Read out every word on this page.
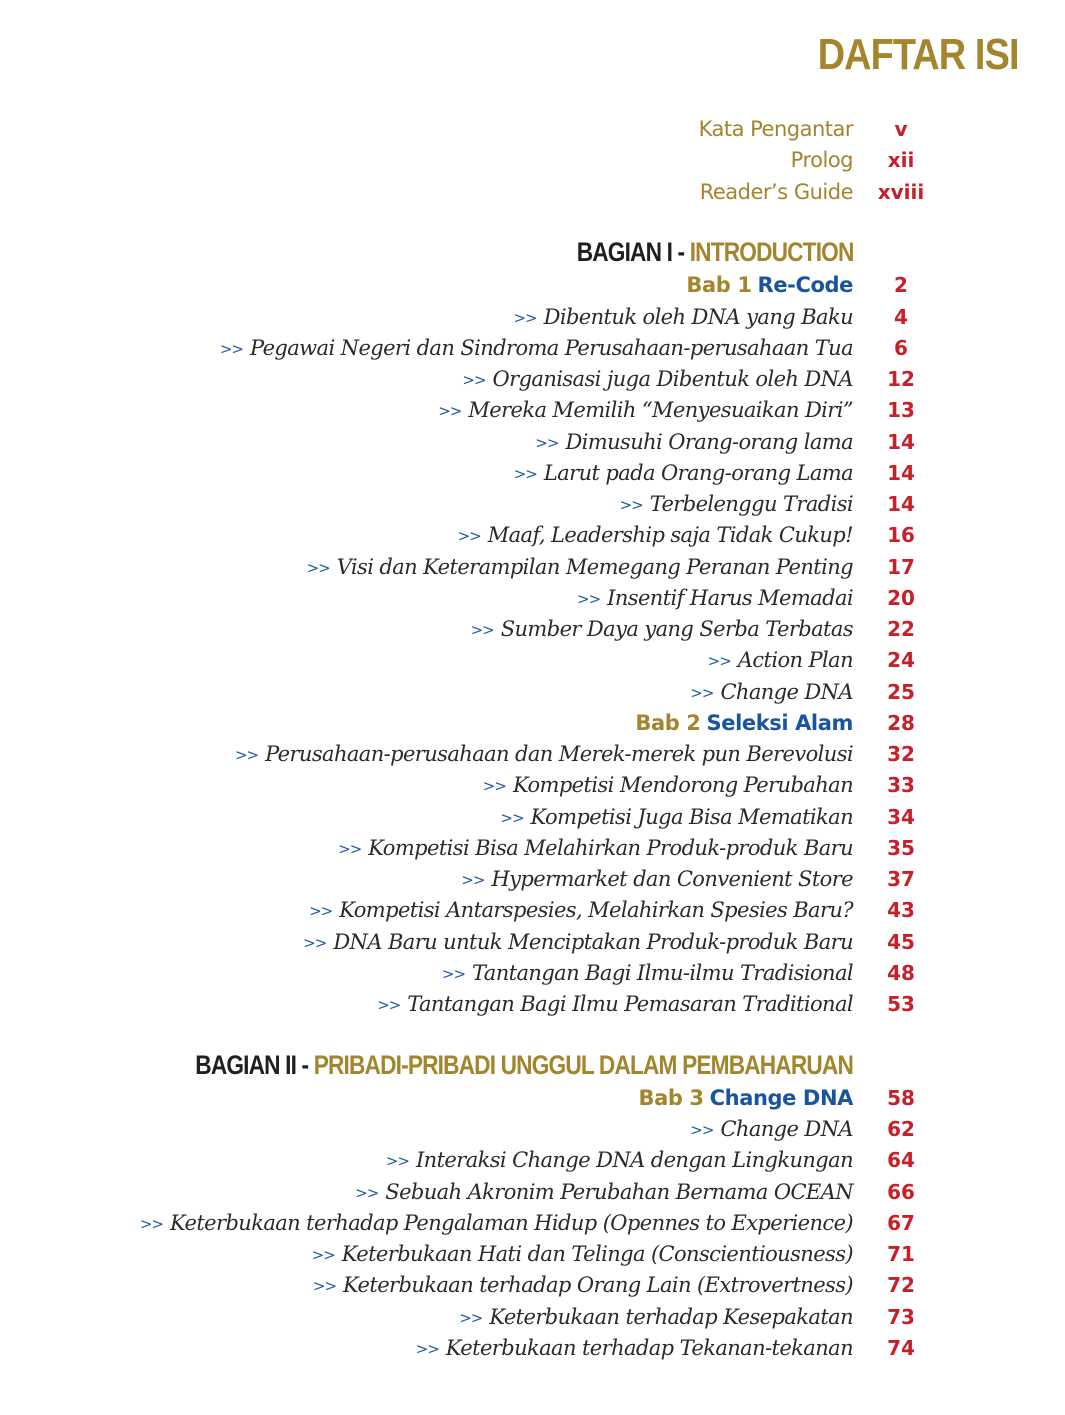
DAFTAR ISI
Kata Pengantar	v
Prolog	xii
Reader’s Guide	xviii
BAGIAN I - INTRODUCTION
Bab 1 Re-Code	2
>> Dibentuk oleh DNA yang Baku	4
>> Pegawai Negeri dan Sindroma Perusahaan-perusahaan Tua	6
>> Organisasi juga Dibentuk oleh DNA	12
>> Mereka Memilih “Menyesuaikan Diri”	13
>> Dimusuhi Orang-orang lama	14
>> Larut pada Orang-orang Lama	14
>> Terbelenggu Tradisi	14
>> Maaf, Leadership saja Tidak Cukup!	16
>> Visi dan Keterampilan Memegang Peranan Penting	17
>> Insentif Harus Memadai	20
>> Sumber Daya yang Serba Terbatas	22
>> Action Plan	24
>> Change DNA	25
Bab 2 Seleksi Alam	28
>> Perusahaan-perusahaan dan Merek-merek pun Berevolusi	32
>> Kompetisi Mendorong Perubahan	33
>> Kompetisi Juga Bisa Mematikan	34
>> Kompetisi Bisa Melahirkan Produk-produk Baru	35
>> Hypermarket dan Convenient Store	37
>> Kompetisi Antarspesies, Melahirkan Spesies Baru?	43
>> DNA Baru untuk Menciptakan Produk-produk Baru	45
>> Tantangan Bagi Ilmu-ilmu Tradisional	48
>> Tantangan Bagi Ilmu Pemasaran Traditional	53
BAGIAN II - PRIBADI-PRIBADI UNGGUL DALAM PEMBAHARUAN
Bab 3 Change DNA	58
>> Change DNA	62
>> Interaksi Change DNA dengan Lingkungan	64
>> Sebuah Akronim Perubahan Bernama OCEAN	66
>> Keterbukaan terhadap Pengalaman Hidup (Opennes to Experience)	67
>> Keterbukaan Hati dan Telinga (Conscientiousness)	71
>> Keterbukaan terhadap Orang Lain (Extrovertness)	72
>> Keterbukaan terhadap Kesepakatan	73
>> Keterbukaan terhadap Tekanan-tekanan	74
